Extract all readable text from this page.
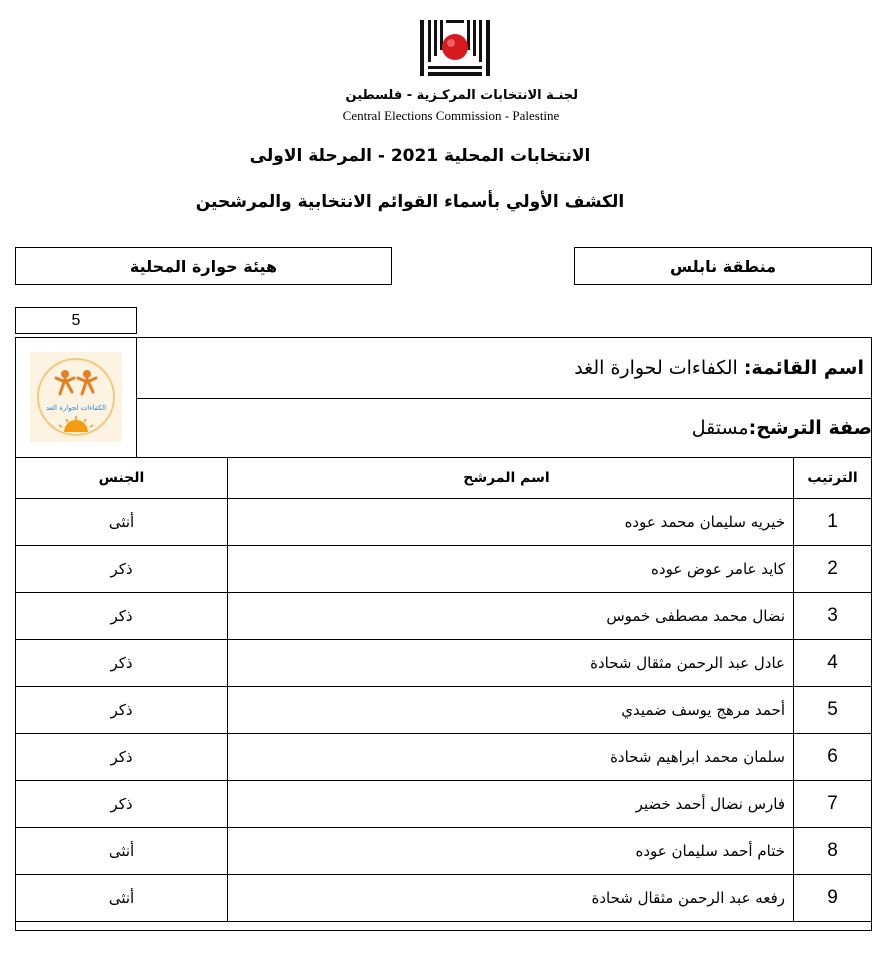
لجنـة الانتخابات المركـزية - فلسطين
Central Elections Commission - Palestine
الانتخابات المحلية 2021 - المرحلة الاولى
الكشف الأولي بأسماء القوائم الانتخابية والمرشحين
هيئة حوارة المحلية	منطقة نابلس
5
الكفاءات لحوارة الغد
اسم القائمة:
الكفاءات لحوارة الغد
صفة الترشح:
مستقل
الترتيب	اسم المرشح	الجنس
1	خيريه سليمان محمد عوده	أنثى
2	كايد عامر عوض عوده	ذكر
3	نضال محمد مصطفى خموس	ذكر
4	عادل عبد الرحمن مثقال شحادة	ذكر
5	أحمد مرهج يوسف ضميدي	ذكر
6	سلمان محمد ابراهيم شحادة	ذكر
7	فارس نضال أحمد خضير	ذكر
8	ختام أحمد سليمان عوده	أنثى
9	رفعه عبد الرحمن مثقال شحادة	أنثى
